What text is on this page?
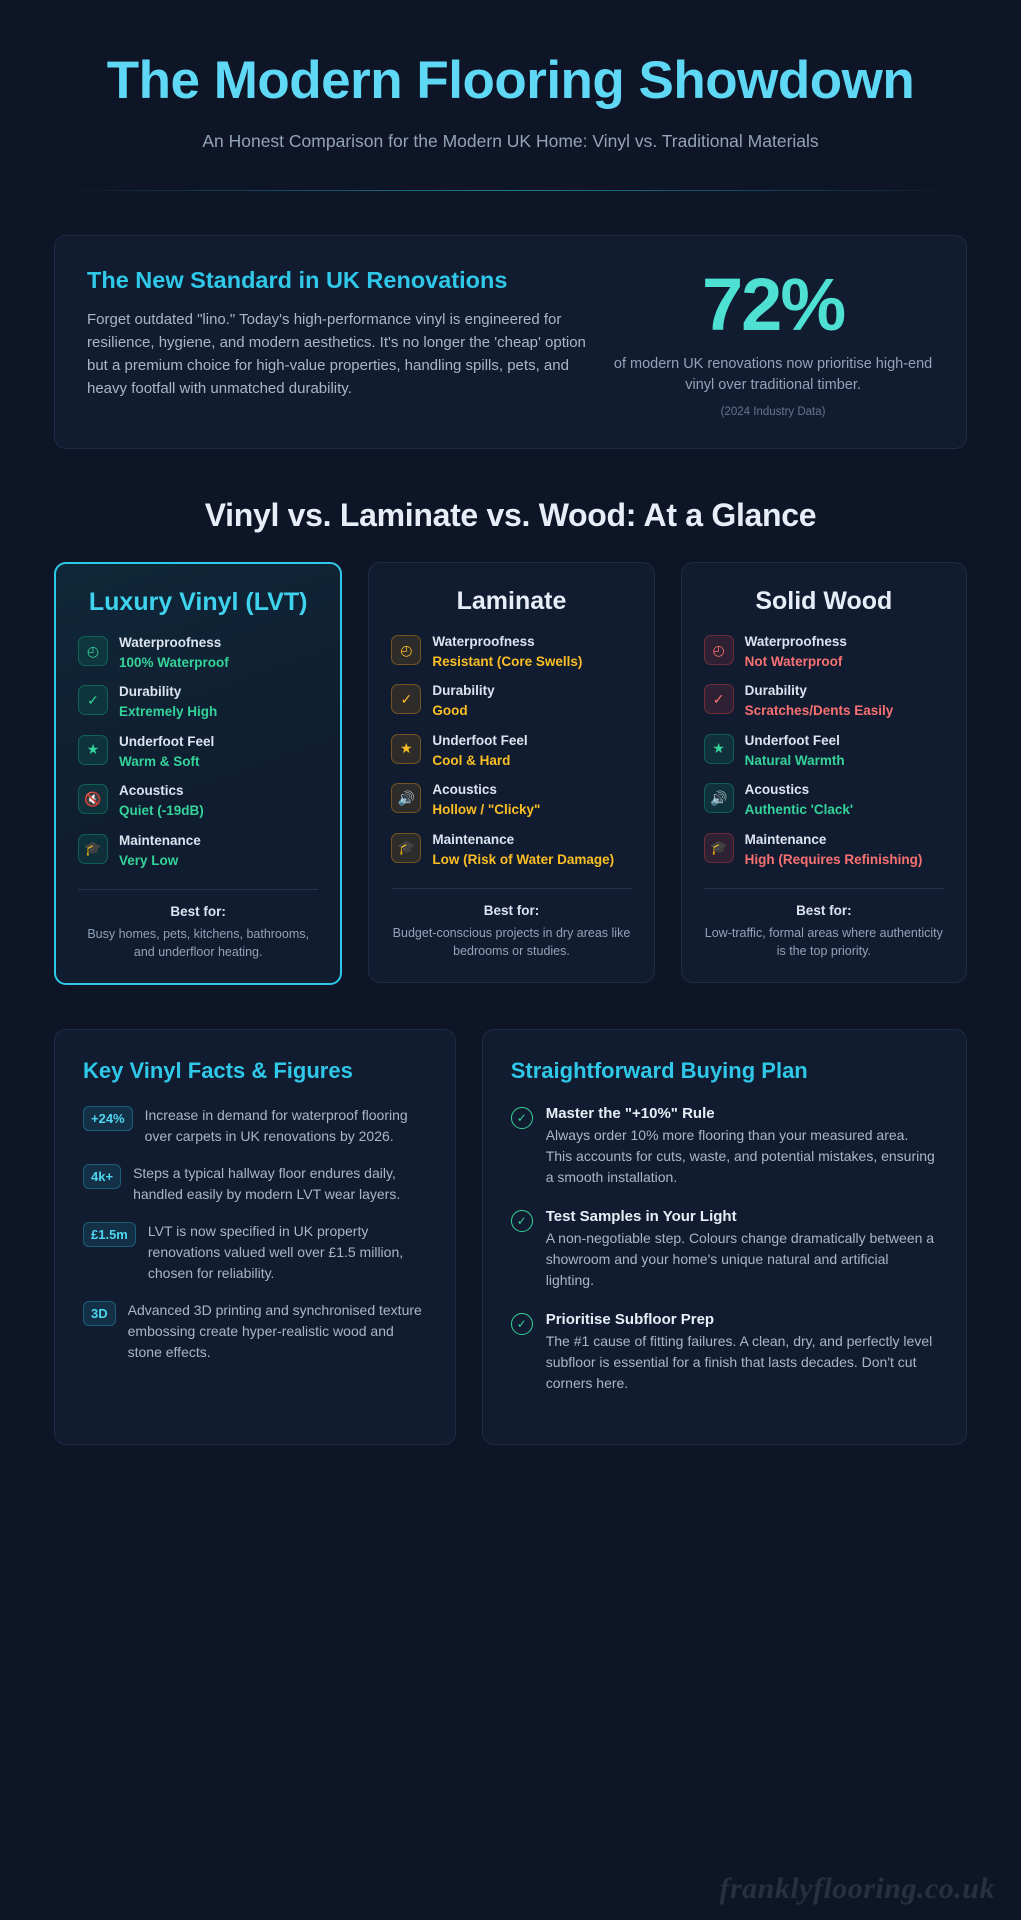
The Modern Flooring Showdown

An Honest Comparison for the Modern UK Home: Vinyl vs. Traditional Materials

The New Standard in UK Renovations

Forget outdated "lino." Today's high-performance vinyl is engineered for resilience, hygiene, and modern aesthetics. It's no longer the 'cheap' option but a premium choice for high-value properties, handling spills, pets, and heavy footfall with unmatched durability.

72%
of modern UK renovations now prioritise high-end vinyl over traditional timber.
(2024 Industry Data)
Vinyl vs. Laminate vs. Wood: At a Glance
Luxury Vinyl (LVT)
◴	Waterproofness
100% Waterproof
✓	Durability
Extremely High
★	Underfoot Feel
Warm & Soft
🔇	Acoustics
Quiet (-19dB)
🎓	Maintenance
Very Low
Best for:
Busy homes, pets, kitchens, bathrooms, and underfloor heating.
Laminate
◴	Waterproofness
Resistant (Core Swells)
✓	Durability
Good
★	Underfoot Feel
Cool & Hard
🔊	Acoustics
Hollow / "Clicky"
🎓	Maintenance
Low (Risk of Water Damage)
Best for:
Budget-conscious projects in dry areas like bedrooms or studies.
Solid Wood
◴	Waterproofness
Not Waterproof
✓	Durability
Scratches/Dents Easily
★	Underfoot Feel
Natural Warmth
🔊	Acoustics
Authentic 'Clack'
🎓	Maintenance
High (Requires Refinishing)
Best for:
Low-traffic, formal areas where authenticity is the top priority.
Key Vinyl Facts & Figures
+24%	Increase in demand for waterproof flooring over carpets in UK renovations by 2026.
4k+	Steps a typical hallway floor endures daily, handled easily by modern LVT wear layers.
£1.5m	LVT is now specified in UK property renovations valued well over £1.5 million, chosen for reliability.
3D	Advanced 3D printing and synchronised texture embossing create hyper-realistic wood and stone effects.
Straightforward Buying Plan
✓	Master the "+10%" Rule
Always order 10% more flooring than your measured area. This accounts for cuts, waste, and potential mistakes, ensuring a smooth installation.
✓	Test Samples in Your Light
A non-negotiable step. Colours change dramatically between a showroom and your home's unique natural and artificial lighting.
✓	Prioritise Subfloor Prep
The #1 cause of fitting failures. A clean, dry, and perfectly level subfloor is essential for a finish that lasts decades. Don't cut corners here.
franklyflooring.co.uk
